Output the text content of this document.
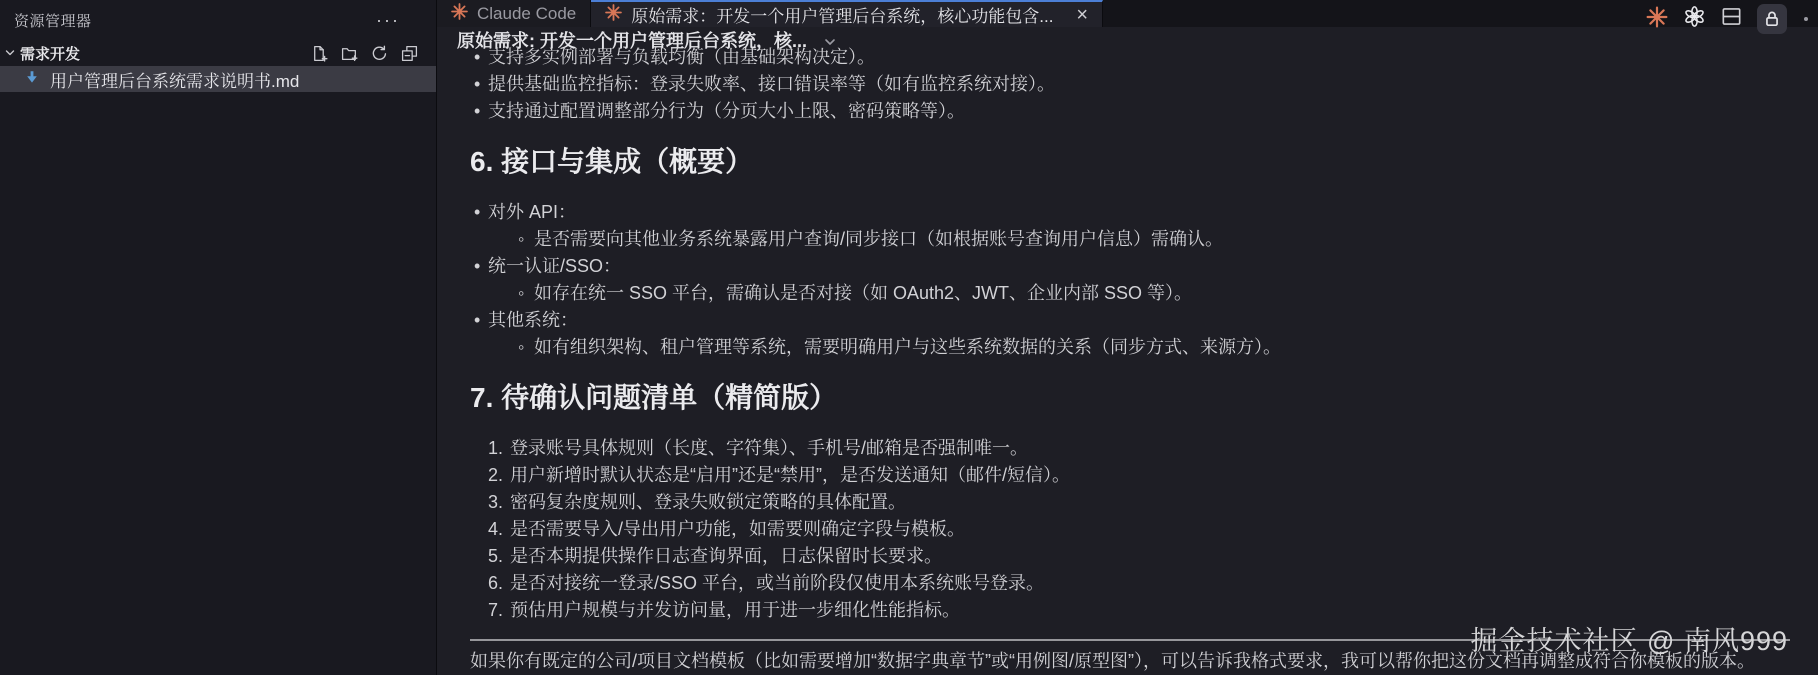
资源管理器	···
需求开发
用户管理后台系统需求说明书.md
Claude Code	原始需求：开发一个用户管理后台系统，核心功能包含... ×
原始需求: 开发一个用户管理后台系统，核...
• 支持多实例部署与负载均衡（由基础架构决定）。
• 提供基础监控指标：登录失败率、接口错误率等（如有监控系统对接）。
• 支持通过配置调整部分行为（分页大小上限、密码策略等）。
6. 接口与集成（概要）
• 对外 API：
◦ 是否需要向其他业务系统暴露用户查询/同步接口（如根据账号查询用户信息）需确认。
• 统一认证/SSO：
◦ 如存在统一 SSO 平台，需确认是否对接（如 OAuth2、JWT、企业内部 SSO 等）。
• 其他系统：
◦ 如有组织架构、租户管理等系统，需要明确用户与这些系统数据的关系（同步方式、来源方）。
7. 待确认问题清单（精简版）
1. 登录账号具体规则（长度、字符集）、手机号/邮箱是否强制唯一。
2. 用户新增时默认状态是“启用”还是“禁用”，是否发送通知（邮件/短信）。
3. 密码复杂度规则、登录失败锁定策略的具体配置。
4. 是否需要导入/导出用户功能，如需要则确定字段与模板。
5. 是否本期提供操作日志查询界面，日志保留时长要求。
6. 是否对接统一登录/SSO 平台，或当前阶段仅使用本系统账号登录。
7. 预估用户规模与并发访问量，用于进一步细化性能指标。

如果你有既定的公司/项目文档模板（比如需要增加“数据字典章节”或“用例图/原型图”），可以告诉我格式要求，我可以帮你把这份文档再调整成符合你模板的版本。

掘金技术社区 @ 南风999
